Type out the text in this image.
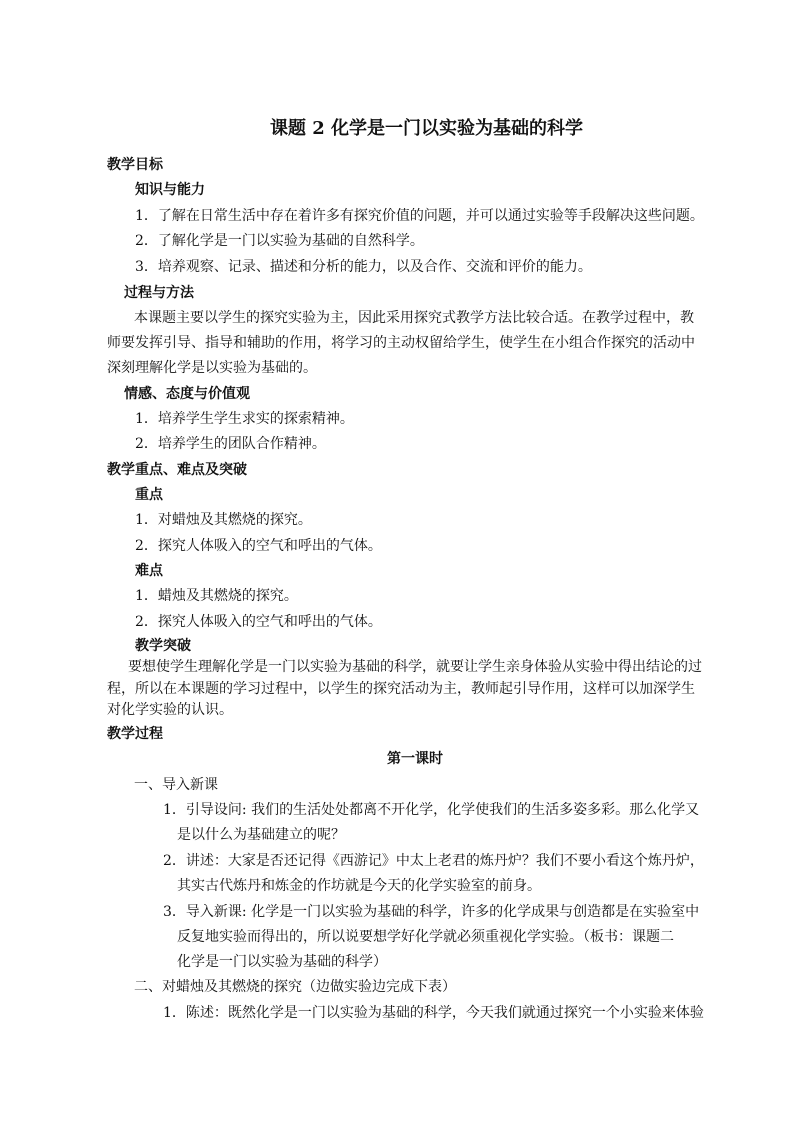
课题 2 化学是一门以实验为基础的科学
教学目标
知识与能力
1．了解在日常生活中存在着许多有探究价值的问题，并可以通过实验等手段解决这些问题。
2．了解化学是一门以实验为基础的自然科学。
3．培养观察、记录、描述和分析的能力，以及合作、交流和评价的能力。
过程与方法
本课题主要以学生的探究实验为主，因此采用探究式教学方法比较合适。在教学过程中，教
师要发挥引导、指导和辅助的作用，将学习的主动权留给学生，使学生在小组合作探究的活动中
深刻理解化学是以实验为基础的。
情感、态度与价值观
1．培养学生学生求实的探索精神。
2．培养学生的团队合作精神。
教学重点、难点及突破
重点
1．对蜡烛及其燃烧的探究。
2．探究人体吸入的空气和呼出的气体。
难点
1．蜡烛及其燃烧的探究。
2．探究人体吸入的空气和呼出的气体。
教学突破
要想使学生理解化学是一门以实验为基础的科学，就要让学生亲身体验从实验中得出结论的过
程，所以在本课题的学习过程中，以学生的探究活动为主，教师起引导作用，这样可以加深学生
对化学实验的认识。
教学过程
第一课时
一、导入新课
1．引导设问: 我们的生活处处都离不开化学，化学使我们的生活多姿多彩。那么化学又
是以什么为基础建立的呢？
2．讲述：大家是否还记得《西游记》中太上老君的炼丹炉？我们不要小看这个炼丹炉，
其实古代炼丹和炼金的作坊就是今天的化学实验室的前身。
3．导入新课: 化学是一门以实验为基础的科学，许多的化学成果与创造都是在实验室中
反复地实验而得出的，所以说要想学好化学就必须重视化学实验。（板书：课题二
化学是一门以实验为基础的科学）
二、对蜡烛及其燃烧的探究（边做实验边完成下表）
1．陈述：既然化学是一门以实验为基础的科学，今天我们就通过探究一个小实验来体验
